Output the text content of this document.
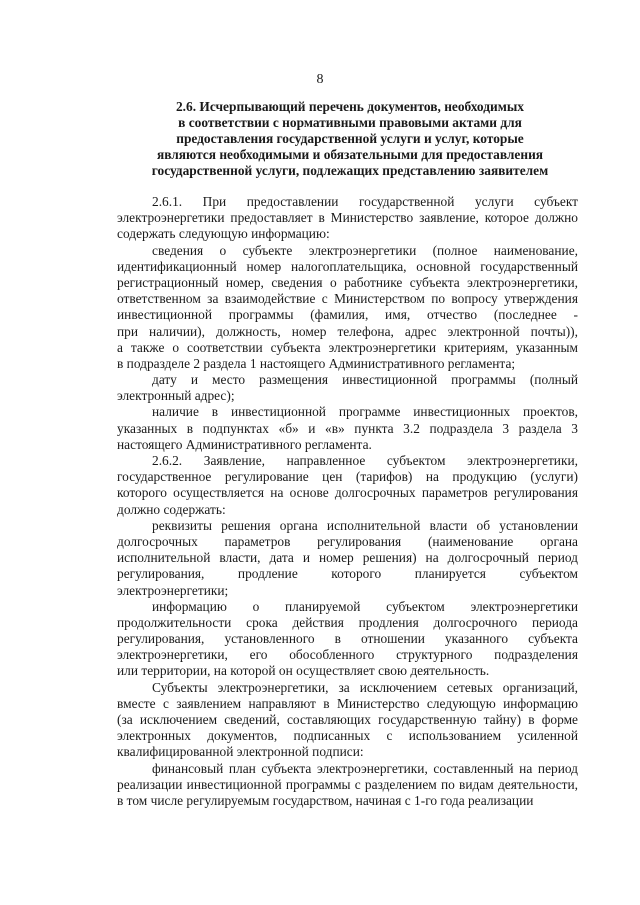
8
2.6. Исчерпывающий перечень документов, необходимых
в соответствии с нормативными правовыми актами для
предоставления государственной услуги и услуг, которые
являются необходимыми и обязательными для предоставления
государственной услуги, подлежащих представлению заявителем
2.6.1. При предоставлении государственной услуги субъект
электроэнергетики предоставляет в Министерство заявление, которое должно
содержать следующую информацию:
сведения о субъекте электроэнергетики (полное наименование,
идентификационный номер налогоплательщика, основной государственный
регистрационный номер, сведения о работнике субъекта электроэнергетики,
ответственном за взаимодействие с Министерством по вопросу утверждения
инвестиционной программы (фамилия, имя, отчество (последнее -
при наличии), должность, номер телефона, адрес электронной почты)),
а также о соответствии субъекта электроэнергетики критериям, указанным
в подразделе 2 раздела 1 настоящего Административного регламента;
дату и место размещения инвестиционной программы (полный
электронный адрес);
наличие в инвестиционной программе инвестиционных проектов,
указанных в подпунктах «б» и «в» пункта 3.2 подраздела 3 раздела 3
настоящего Административного регламента.
2.6.2. Заявление, направленное субъектом электроэнергетики,
государственное регулирование цен (тарифов) на продукцию (услуги)
которого осуществляется на основе долгосрочных параметров регулирования
должно содержать:
реквизиты решения органа исполнительной власти об установлении
долгосрочных параметров регулирования (наименование органа
исполнительной власти, дата и номер решения) на долгосрочный период
регулирования, продление которого планируется субъектом
электроэнергетики;
информацию о планируемой субъектом электроэнергетики
продолжительности срока действия продления долгосрочного периода
регулирования, установленного в отношении указанного субъекта
электроэнергетики, его обособленного структурного подразделения
или территории, на которой он осуществляет свою деятельность.
Субъекты электроэнергетики, за исключением сетевых организаций,
вместе с заявлением направляют в Министерство следующую информацию
(за исключением сведений, составляющих государственную тайну) в форме
электронных документов, подписанных с использованием усиленной
квалифицированной электронной подписи:
финансовый план субъекта электроэнергетики, составленный на период
реализации инвестиционной программы с разделением по видам деятельности,
в том числе регулируемым государством, начиная с 1-го года реализации
